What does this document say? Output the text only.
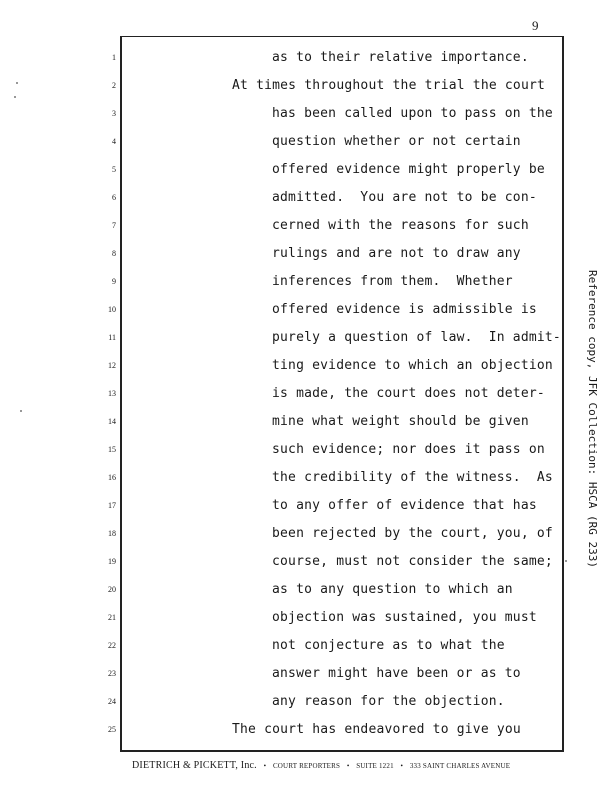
9
1	as to their relative importance.
2	At times throughout the trial the court
3	has been called upon to pass on the
4	question whether or not certain
5	offered evidence might properly be
6	admitted.  You are not to be con-
7	cerned with the reasons for such
8	rulings and are not to draw any
9	inferences from them.  Whether
10	offered evidence is admissible is
11	purely a question of law.  In admit-
12	ting evidence to which an objection
13	is made, the court does not deter-
14	mine what weight should be given
15	such evidence; nor does it pass on
16	the credibility of the witness.  As
17	to any offer of evidence that has
18	been rejected by the court, you, of
19	course, must not consider the same;
20	as to any question to which an
21	objection was sustained, you must
22	not conjecture as to what the
23	answer might have been or as to
24	any reason for the objection.
25	The court has endeavored to give you
Reference copy, JFK Collection: HSCA (RG 233)
DIETRICH & PICKETT, Inc. • COURT REPORTERS • SUITE 1221 • 333 SAINT CHARLES AVENUE
